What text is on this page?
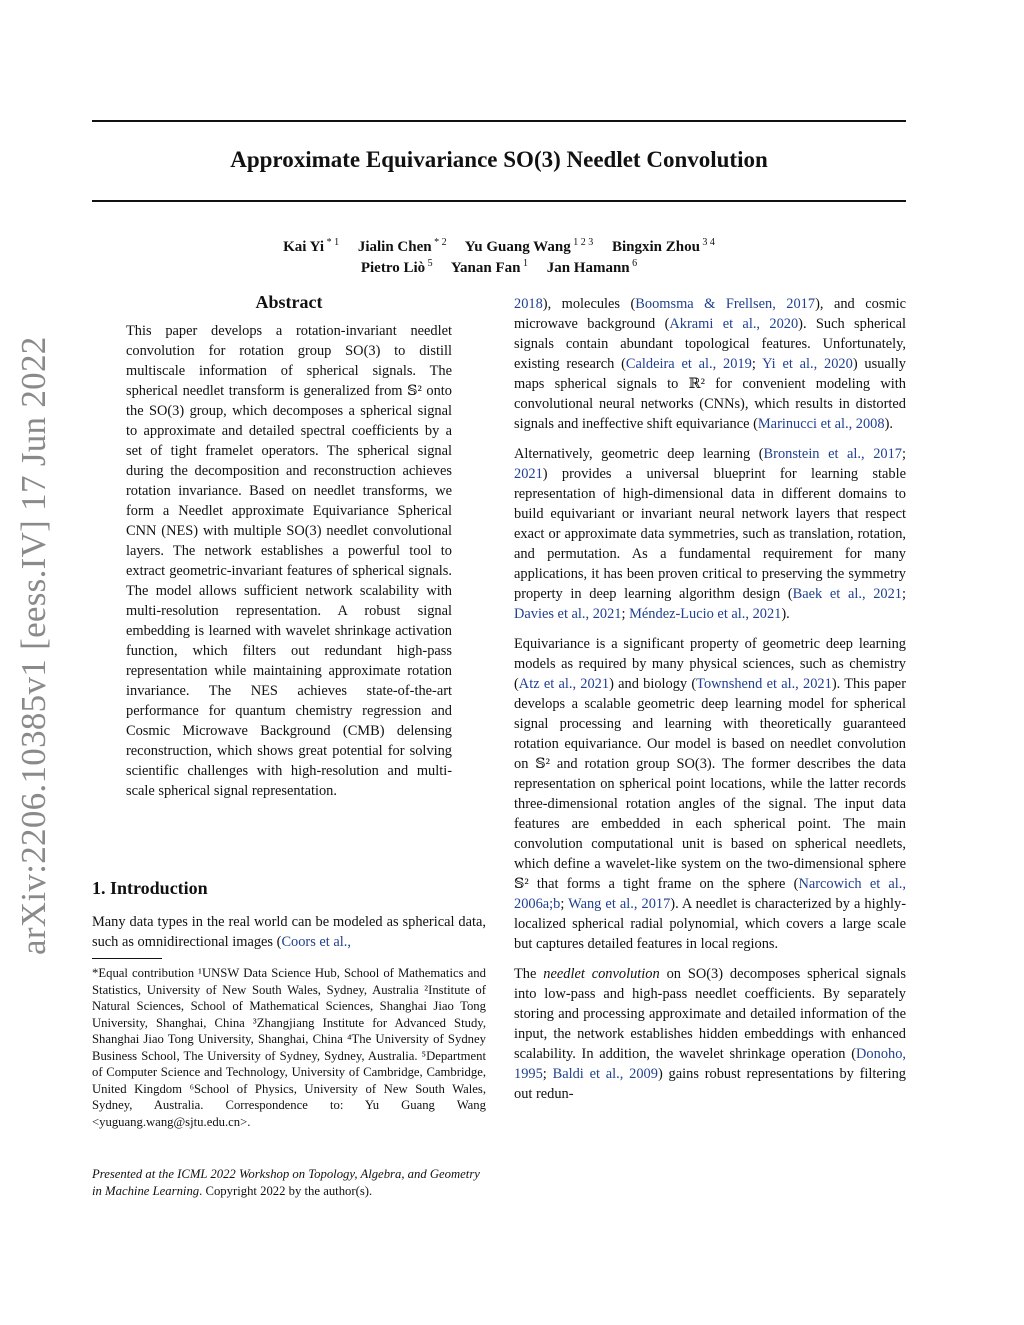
Approximate Equivariance SO(3) Needlet Convolution
Kai Yi $^{* 1}$  Jialin Chen $^{* 2}$  Yu Guang Wang $^{1 2 3}$  Bingxin Zhou $^{3 4}$
Pietro Liò $^5$  Yanan Fan $^1$  Jan Hamann $^6$
arXiv:2206.10385v1 [eess.IV] 17 Jun 2022
Abstract
This paper develops a rotation-invariant needlet convolution for rotation group SO(3) to distill multiscale information of spherical signals. The spherical needlet transform is generalized from 𝕊² onto the SO(3) group, which decomposes a spherical signal to approximate and detailed spectral coefficients by a set of tight framelet operators. The spherical signal during the decomposition and reconstruction achieves rotation invariance. Based on needlet transforms, we form a Needlet approximate Equivariance Spherical CNN (NES) with multiple SO(3) needlet convolutional layers. The network establishes a powerful tool to extract geometric-invariant features of spherical signals. The model allows sufficient network scalability with multi-resolution representation. A robust signal embedding is learned with wavelet shrinkage activation function, which filters out redundant high-pass representation while maintaining approximate rotation invariance. The NES achieves state-of-the-art performance for quantum chemistry regression and Cosmic Microwave Background (CMB) delensing reconstruction, which shows great potential for solving scientific challenges with high-resolution and multi-scale spherical signal representation.
1. Introduction
Many data types in the real world can be modeled as spherical data, such as omnidirectional images (Coors et al.,
*Equal contribution ¹UNSW Data Science Hub, School of Mathematics and Statistics, University of New South Wales, Sydney, Australia ²Institute of Natural Sciences, School of Mathematical Sciences, Shanghai Jiao Tong University, Shanghai, China ³Zhangjiang Institute for Advanced Study, Shanghai Jiao Tong University, Shanghai, China ⁴The University of Sydney Business School, The University of Sydney, Sydney, Australia. ⁵Department of Computer Science and Technology, University of Cambridge, Cambridge, United Kingdom ⁶School of Physics, University of New South Wales, Sydney, Australia. Correspondence to: Yu Guang Wang <yuguang.wang@sjtu.edu.cn>.
Presented at the ICML 2022 Workshop on Topology, Algebra, and Geometry in Machine Learning. Copyright 2022 by the author(s).

2018), molecules (Boomsma & Frellsen, 2017), and cosmic microwave background (Akrami et al., 2020). Such spherical signals contain abundant topological features. Unfortunately, existing research (Caldeira et al., 2019; Yi et al., 2020) usually maps spherical signals to ℝ² for convenient modeling with convolutional neural networks (CNNs), which results in distorted signals and ineffective shift equivariance (Marinucci et al., 2008).

Alternatively, geometric deep learning (Bronstein et al., 2017; 2021) provides a universal blueprint for learning stable representation of high-dimensional data in different domains to build equivariant or invariant neural network layers that respect exact or approximate data symmetries, such as translation, rotation, and permutation. As a fundamental requirement for many applications, it has been proven critical to preserving the symmetry property in deep learning algorithm design (Baek et al., 2021; Davies et al., 2021; Méndez-Lucio et al., 2021).

Equivariance is a significant property of geometric deep learning models as required by many physical sciences, such as chemistry (Atz et al., 2021) and biology (Townshend et al., 2021). This paper develops a scalable geometric deep learning model for spherical signal processing and learning with theoretically guaranteed rotation equivariance. Our model is based on needlet convolution on 𝕊² and rotation group SO(3). The former describes the data representation on spherical point locations, while the latter records three-dimensional rotation angles of the signal. The input data features are embedded in each spherical point. The main convolution computational unit is based on spherical needlets, which define a wavelet-like system on the two-dimensional sphere 𝕊² that forms a tight frame on the sphere (Narcowich et al., 2006a;b; Wang et al., 2017). A needlet is characterized by a highly-localized spherical radial polynomial, which covers a large scale but captures detailed features in local regions.

The needlet convolution on SO(3) decomposes spherical signals into low-pass and high-pass needlet coefficients. By separately storing and processing approximate and detailed information of the input, the network establishes hidden embeddings with enhanced scalability. In addition, the wavelet shrinkage operation (Donoho, 1995; Baldi et al., 2009) gains robust representations by filtering out redun-
